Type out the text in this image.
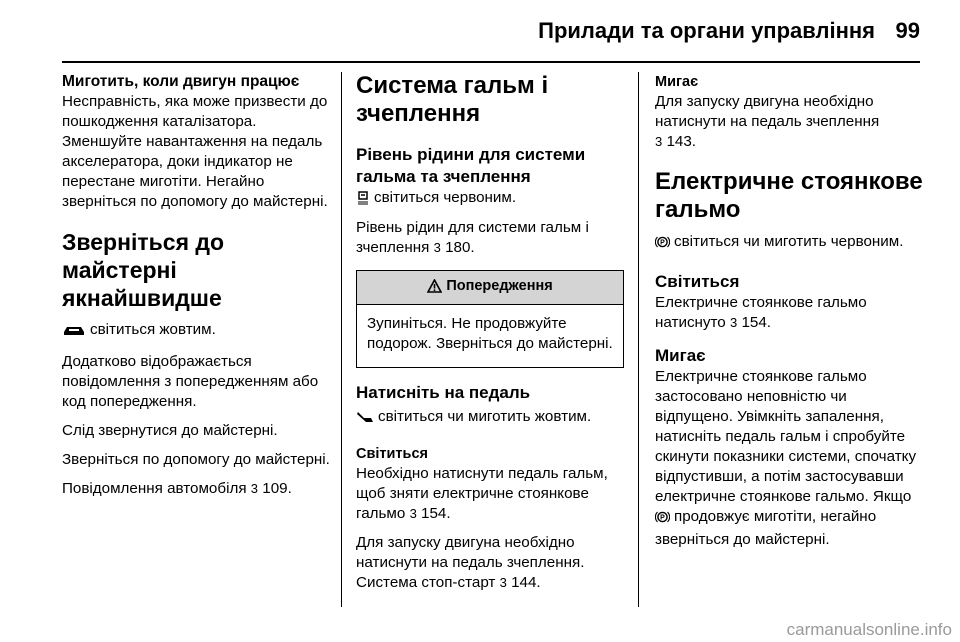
Прилади та органи управління 99
Миготить, коли двигун працює

Несправність, яка може призвести до пошкодження каталізатора. Зменшуйте навантаження на педаль акселератора, доки індикатор не перестане миготіти. Негайно зверніться по допомогу до майстерні.

Зверніться до майстерні якнайшвидше

світиться жовтим.

Додатково відображається повідомлення з попередженням або код попередження.

Слід звернутися до майстерні.

Зверніться по допомогу до майстерні.

Повідомлення автомобіля 3 109.

Система гальм і зчеплення
Рівень рідини для системи гальма та зчеплення

світиться червоним.

Рівень рідин для системи гальм і зчеплення 3 180.

Попередження

Зупиніться. Не продовжуйте подорож. Зверніться до майстерні.

Натисніть на педаль

світиться чи миготить жовтим.

Світиться

Необхідно натиснути педаль гальм, щоб зняти електричне стоянкове гальмо 3 154.

Для запуску двигуна необхідно натиснути на педаль зчеплення. Система стоп-старт 3 144.

Мигає

Для запуску двигуна необхідно натиснути на педаль зчеплення
3 143.

Електричне стоянкове гальмо

P світиться чи миготить червоним.

Світиться

Електричне стоянкове гальмо натиснуто 3 154.

Мигає

Електричне стоянкове гальмо застосовано неповністю чи відпущено. Увімкніть запалення, натисніть педаль гальм і спробуйте скинути показники системи, спочатку відпустивши, а потім застосувавши електричне стоянкове гальмо. Якщо
P продовжує миготіти, негайно зверніться до майстерні.

carmanualsonline.info
